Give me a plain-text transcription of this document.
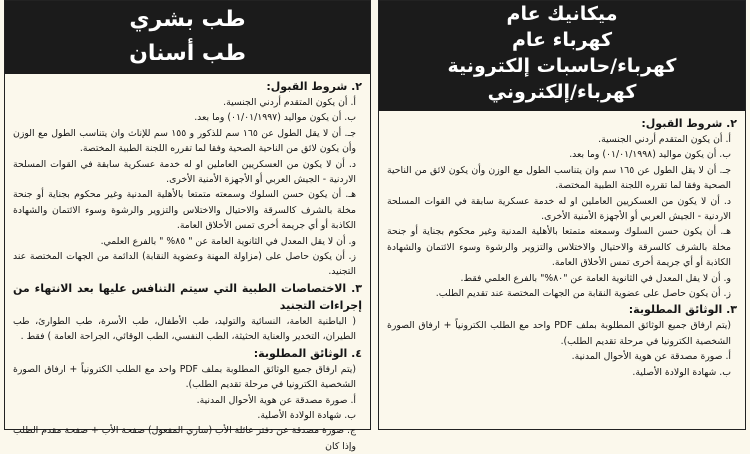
طب بشري
طب أسنان

٢. شروط القبول:

أ. أن يكون المتقدم أردني الجنسية.

ب. أن يكون مواليد (٠١/٠١/١٩٩٧) وما بعد.

جـ. أن لا يقل الطول عن ١٦٥ سم للذكور و ١٥٥ سم للإناث وان يتناسب الطول مع الوزن وأن يكون لائق من الناحية الصحية وفقا لما تقرره اللجنة الطبية المختصة.

د. أن لا يكون من العسكريين العاملين او له خدمة عسكرية سابقة في القوات المسلحة الاردنية - الجيش العربي أو الأجهزة الأمنية الأخرى.

هـ. أن يكون حسن السلوك وسمعته متمتعا بالأهلية المدنية وغير محكوم بجناية أو جنحة مخلة بالشرف كالسرقة والاحتيال والاختلاس والتزوير والرشوة وسوء الائتمان والشهادة الكاذبة أو أي جريمة أخرى تمس الأخلاق العامة.

و. أن لا يقل المعدل في الثانوية العامة عن " ٨٥% " بالفرع العلمي.

ز. أن يكون حاصل على (مزاولة المهنة وعضوية النقابة) الدائمة من الجهات المختصة عند التجنيد.

٣. الاختصاصات الطبية التي سيتم التنافس عليها بعد الانتهاء من إجراءات التجنيد

( الباطنية العامة، النسائية والتوليد، طب الأطفال، طب الأسرة، طب الطوارئ، طب الطيران، التخدير والعناية الحثيثة، الطب النفسي، الطب الوقائي، الجراحة العامة ) فقط .

٤. الوثائق المطلوبة:

(يتم ارفاق جميع الوثائق المطلوبة بملف PDF واحد مع الطلب الكترونياً + ارفاق الصورة الشخصية الكترونيا في مرحلة تقديم الطلب).

أ. صورة مصدقة عن هوية الأحوال المدنية.

ب. شهادة الولادة الأصلية.

ج. صورة مصدقة عن دفتر عائلة الأب (ساري المفعول) صفحة الأب + صفحة مقدم الطلب وإذا كان

ميكانيك عام
كهرباء عام
كهرباء/حاسبات إلكترونية
كهرباء/إلكتروني

٢. شروط القبول:

أ. أن يكون المتقدم أردني الجنسية.

ب. أن يكون مواليد (٠١/٠١/١٩٩٨) وما بعد.

جـ. أن لا يقل الطول عن ١٦٥ سم وان يتناسب الطول مع الوزن وأن يكون لائق من الناحية الصحية وفقا لما تقرره اللجنة الطبية المختصة.

د. أن لا يكون من العسكريين العاملين او له خدمة عسكرية سابقة في القوات المسلحة الاردنية - الجيش العربي أو الأجهزة الأمنية الأخرى.

هـ. أن يكون حسن السلوك وسمعته متمتعا بالأهلية المدنية وغير محكوم بجناية أو جنحة مخلة بالشرف كالسرقة والاحتيال والاختلاس والتزوير والرشوة وسوء الائتمان والشهادة الكاذبة أو أي جريمة أخرى تمس الأخلاق العامة.

و. أن لا يقل المعدل في الثانوية العامة عن "٨٠%" بالفرع العلمي فقط.

ز. أن يكون حاصل على عضوية النقابة من الجهات المختصة عند تقديم الطلب.

٣. الوثائق المطلوبة:

(يتم ارفاق جميع الوثائق المطلوبة بملف PDF واحد مع الطلب الكترونياً + ارفاق الصورة الشخصية الكترونيا في مرحلة تقديم الطلب).

أ. صورة مصدقة عن هوية الأحوال المدنية.

ب. شهادة الولادة الأصلية.
